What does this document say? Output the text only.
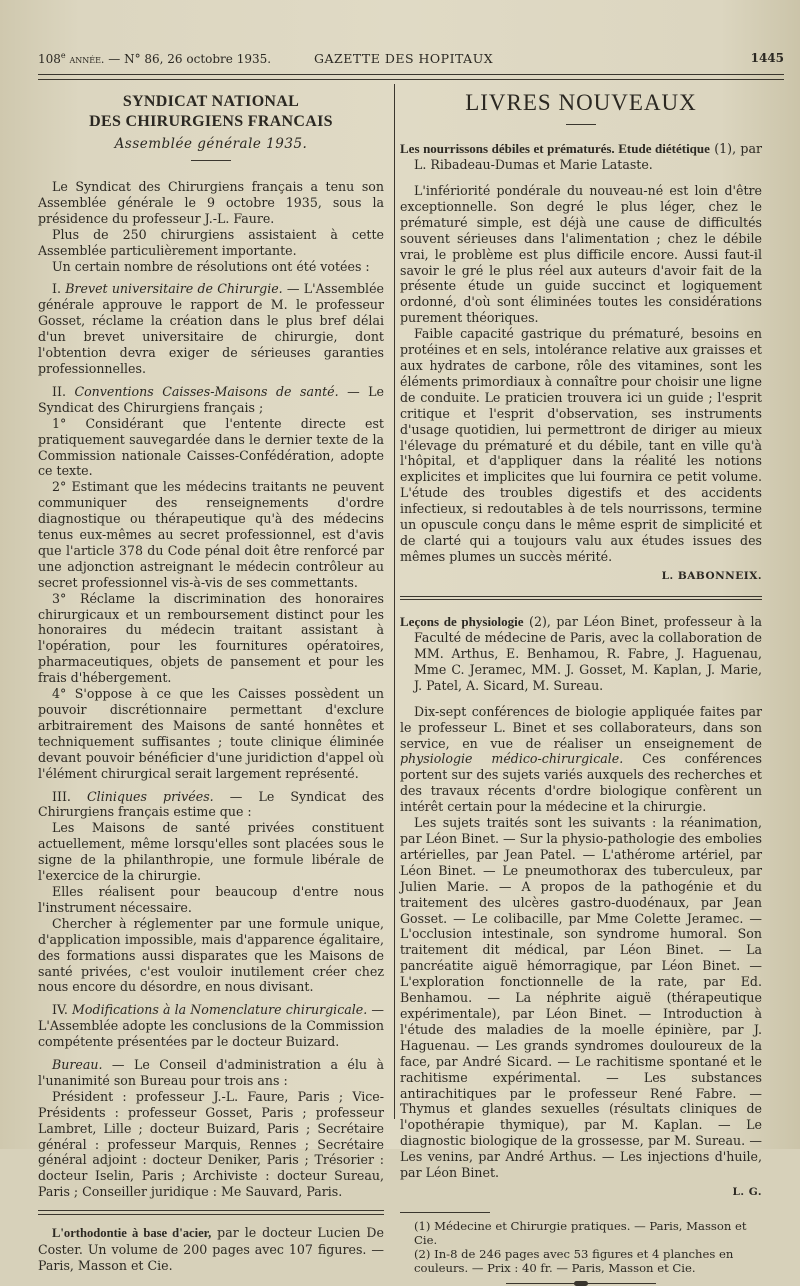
108e année. — N° 86, 26 octobre 1935.	GAZETTE DES HOPITAUX	1445
SYNDICAT NATIONAL
DES CHIRURGIENS FRANCAIS
Assemblée générale 1935.

Le Syndicat des Chirurgiens français a tenu son Assemblée générale le 9 octobre 1935, sous la présidence du professeur J.-L. Faure.

Plus de 250 chirurgiens assistaient à cette Assemblée particulièrement importante.

Un certain nombre de résolutions ont été votées :

I. Brevet universitaire de Chirurgie. — L'Assemblée générale approuve le rapport de M. le professeur Gosset, réclame la création dans le plus bref délai d'un brevet universitaire de chirurgie, dont l'obtention devra exiger de sérieuses garanties professionnelles.

II. Conventions Caisses-Maisons de santé. — Le Syndicat des Chirurgiens français ;

1° Considérant que l'entente directe est pratiquement sauvegardée dans le dernier texte de la Commission nationale Caisses-Confédération, adopte ce texte.

2° Estimant que les médecins traitants ne peuvent communiquer des renseignements d'ordre diagnostique ou thérapeutique qu'à des médecins tenus eux-mêmes au secret professionnel, est d'avis que l'article 378 du Code pénal doit être renforcé par une adjonction astreignant le médecin contrôleur au secret professionnel vis-à-vis de ses commettants.

3° Réclame la discrimination des honoraires chirurgicaux et un remboursement distinct pour les honoraires du médecin traitant assistant à l'opération, pour les fournitures opératoires, pharmaceutiques, objets de pansement et pour les frais d'hébergement.

4° S'oppose à ce que les Caisses possèdent un pouvoir discrétionnaire permettant d'exclure arbitrairement des Maisons de santé honnêtes et techniquement suffisantes ; toute clinique éliminée devant pouvoir bénéficier d'une juridiction d'appel où l'élément chirurgical serait largement représenté.

III. Cliniques privées. — Le Syndicat des Chirurgiens français estime que :

Les Maisons de santé privées constituent actuellement, même lorsqu'elles sont placées sous le signe de la philanthropie, une formule libérale de l'exercice de la chirurgie.

Elles réalisent pour beaucoup d'entre nous l'instrument nécessaire.

Chercher à réglementer par une formule unique, d'application impossible, mais d'apparence égalitaire, des formations aussi disparates que les Maisons de santé privées, c'est vouloir inutilement créer chez nous encore du désordre, en nous divisant.

IV. Modifications à la Nomenclature chirurgicale. — L'Assemblée adopte les conclusions de la Commission compétente présentées par le docteur Buizard.

Bureau. — Le Conseil d'administration a élu à l'unanimité son Bureau pour trois ans :

Président : professeur J.-L. Faure, Paris ; Vice-Présidents : professeur Gosset, Paris ; professeur Lambret, Lille ; docteur Buizard, Paris ; Secrétaire général : professeur Marquis, Rennes ; Secrétaire général adjoint : docteur Deniker, Paris ; Trésorier : docteur Iselin, Paris ; Archiviste : docteur Sureau, Paris ; Conseiller juridique : Me Sauvard, Paris.

L'orthodontie à base d'acier, par le docteur Lucien De Coster. Un volume de 200 pages avec 107 figures. — Paris, Masson et Cie.

LIVRES NOUVEAUX
Les nourrissons débiles et prématurés. Etude diététique (1), par L. Ribadeau-Dumas et Marie Lataste.

L'infériorité pondérale du nouveau-né est loin d'être exceptionnelle. Son degré le plus léger, chez le prématuré simple, est déjà une cause de difficultés souvent sérieuses dans l'alimentation ; chez le débile vrai, le problème est plus difficile encore. Aussi faut-il savoir le gré le plus réel aux auteurs d'avoir fait de la présente étude un guide succinct et logiquement ordonné, d'où sont éliminées toutes les considérations purement théoriques.

Faible capacité gastrique du prématuré, besoins en protéines et en sels, intolérance relative aux graisses et aux hydrates de carbone, rôle des vitamines, sont les éléments primordiaux à connaître pour choisir une ligne de conduite. Le praticien trouvera ici un guide ; l'esprit critique et l'esprit d'observation, ses instruments d'usage quotidien, lui permettront de diriger au mieux l'élevage du prématuré et du débile, tant en ville qu'à l'hôpital, et d'appliquer dans la réalité les notions explicites et implicites que lui fournira ce petit volume. L'étude des troubles digestifs et des accidents infectieux, si redoutables à de tels nourrissons, termine un opuscule conçu dans le même esprit de simplicité et de clarté qui a toujours valu aux études issues des mêmes plumes un succès mérité.

L. BABONNEIX.
Leçons de physiologie (2), par Léon Binet, professeur à la Faculté de médecine de Paris, avec la collaboration de MM. Arthus, E. Benhamou, R. Fabre, J. Haguenau, Mme C. Jeramec, MM. J. Gosset, M. Kaplan, J. Marie, J. Patel, A. Sicard, M. Sureau.

Dix-sept conférences de biologie appliquée faites par le professeur L. Binet et ses collaborateurs, dans son service, en vue de réaliser un enseignement de physiologie médico-chirurgicale. Ces conférences portent sur des sujets variés auxquels des recherches et des travaux récents d'ordre biologique confèrent un intérêt certain pour la médecine et la chirurgie.

Les sujets traités sont les suivants : la réanimation, par Léon Binet. — Sur la physio-pathologie des embolies artérielles, par Jean Patel. — L'athérome artériel, par Léon Binet. — Le pneumothorax des tuberculeux, par Julien Marie. — A propos de la pathogénie et du traitement des ulcères gastro-duodénaux, par Jean Gosset. — Le colibacille, par Mme Colette Jeramec. — L'occlusion intestinale, son syndrome humoral. Son traitement dit médical, par Léon Binet. — La pancréatite aiguë hémorragique, par Léon Binet. — L'exploration fonctionnelle de la rate, par Ed. Benhamou. — La néphrite aiguë (thérapeutique expérimentale), par Léon Binet. — Introduction à l'étude des maladies de la moelle épinière, par J. Haguenau. — Les grands syndromes douloureux de la face, par André Sicard. — Le rachitisme spontané et le rachitisme expérimental. — Les substances antirachitiques par le professeur René Fabre. — Thymus et glandes sexuelles (résultats cliniques de l'opothérapie thymique), par M. Kaplan. — Le diagnostic biologique de la grossesse, par M. Sureau. — Les venins, par André Arthus. — Les injections d'huile, par Léon Binet.

L. G.

(1) Médecine et Chirurgie pratiques. — Paris, Masson et Cie.

(2) In-8 de 246 pages avec 53 figures et 4 planches en couleurs. — Prix : 40 fr. — Paris, Masson et Cie.
